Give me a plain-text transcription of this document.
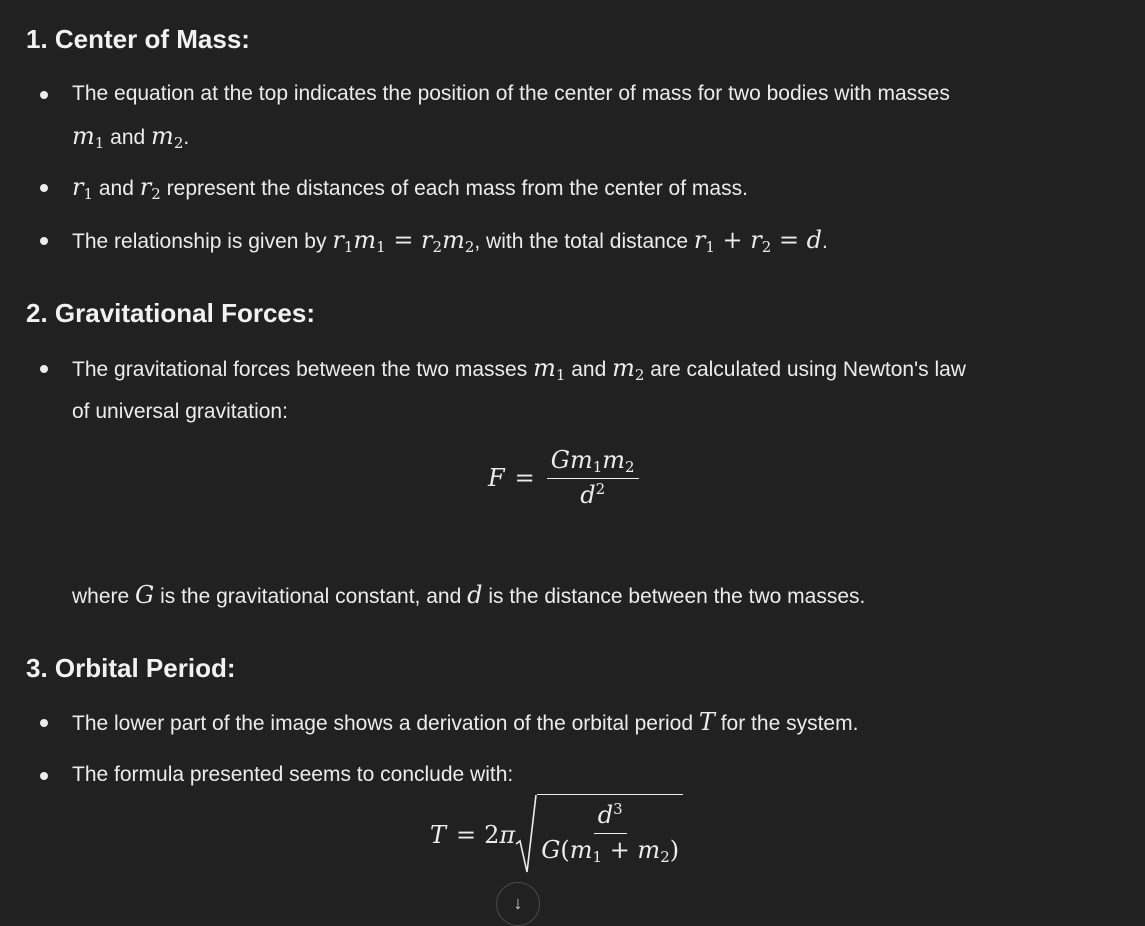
1. Center of Mass:
The equation at the top indicates the position of the center of mass for two bodies with masses
$m_1$ and $m_2$.
$r_1$ and $r_2$ represent the distances of each mass from the center of mass.
The relationship is given by $r_1m_1 = r_2m_2$, with the total distance $r_1 + r_2 = d$.
2. Gravitational Forces:
The gravitational forces between the two masses $m_1$ and $m_2$ are calculated using Newton's law
of universal gravitation:
$F = \frac{Gm_1m_2}{d^2}$
where G is the gravitational constant, and d is the distance between the two masses.
3. Orbital Period:
The lower part of the image shows a derivation of the orbital period T for the system.
The formula presented seems to conclude with:
$T = 2\pi \frac{d^3}{G(m_1 + m_2)}$
↓
